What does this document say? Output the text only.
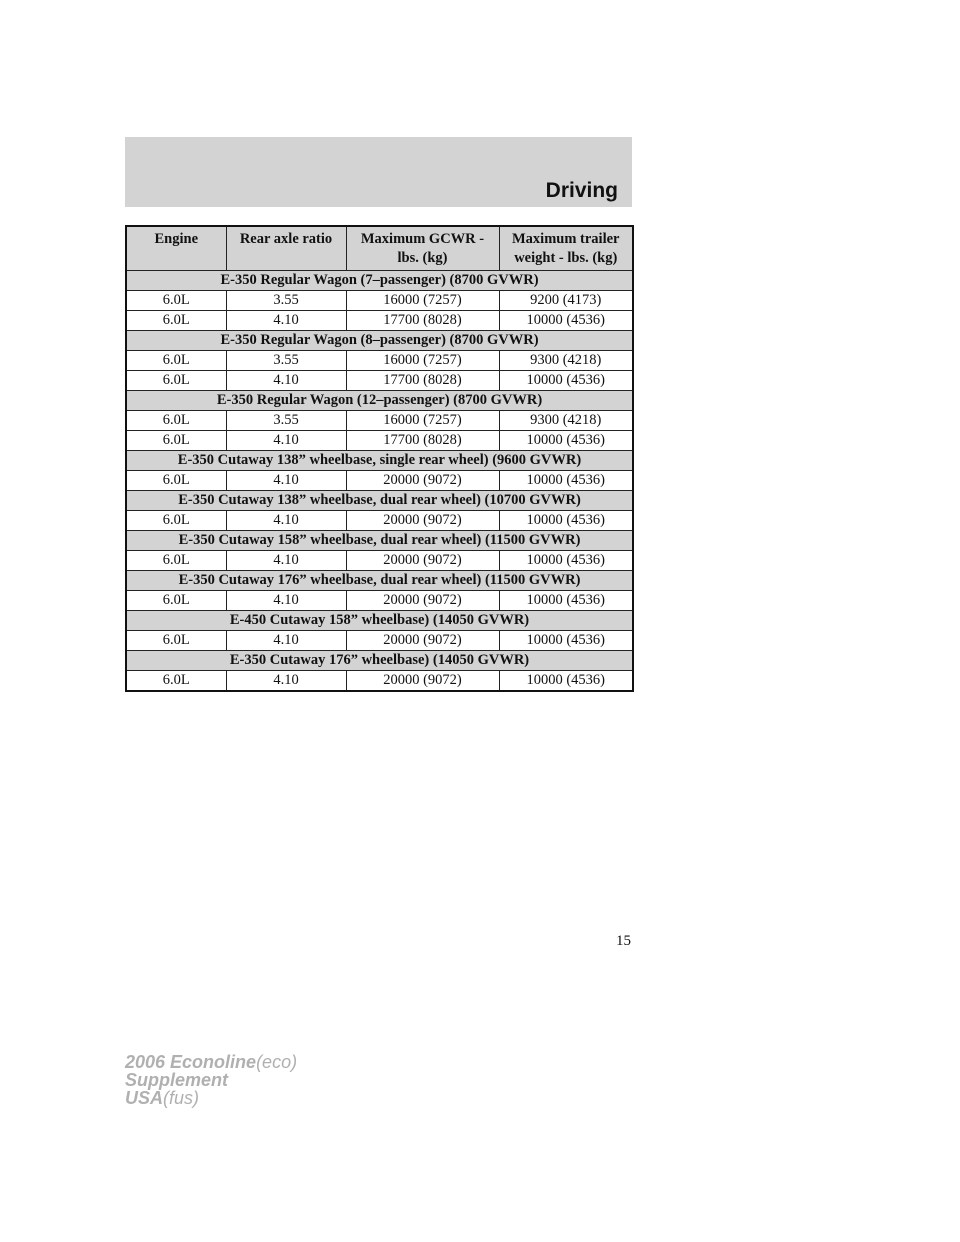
Driving
Engine	Rear axle ratio	Maximum GCWR - lbs. (kg)	Maximum trailer weight - lbs. (kg)
E-350 Regular Wagon (7–passenger) (8700 GVWR)			
6.0L	3.55	16000 (7257)	9200 (4173)
6.0L	4.10	17700 (8028)	10000 (4536)
E-350 Regular Wagon (8–passenger) (8700 GVWR)			
6.0L	3.55	16000 (7257)	9300 (4218)
6.0L	4.10	17700 (8028)	10000 (4536)
E-350 Regular Wagon (12–passenger) (8700 GVWR)			
6.0L	3.55	16000 (7257)	9300 (4218)
6.0L	4.10	17700 (8028)	10000 (4536)
E-350 Cutaway 138” wheelbase, single rear wheel) (9600 GVWR)			
6.0L	4.10	20000 (9072)	10000 (4536)
E-350 Cutaway 138” wheelbase, dual rear wheel) (10700 GVWR)			
6.0L	4.10	20000 (9072)	10000 (4536)
E-350 Cutaway 158” wheelbase, dual rear wheel) (11500 GVWR)			
6.0L	4.10	20000 (9072)	10000 (4536)
E-350 Cutaway 176” wheelbase, dual rear wheel) (11500 GVWR)			
6.0L	4.10	20000 (9072)	10000 (4536)
E-450 Cutaway 158” wheelbase) (14050 GVWR)			
6.0L	4.10	20000 (9072)	10000 (4536)
E-350 Cutaway 176” wheelbase) (14050 GVWR)			
6.0L	4.10	20000 (9072)	10000 (4536)
15
2006 Econoline(eco)
Supplement
USA(fus)
